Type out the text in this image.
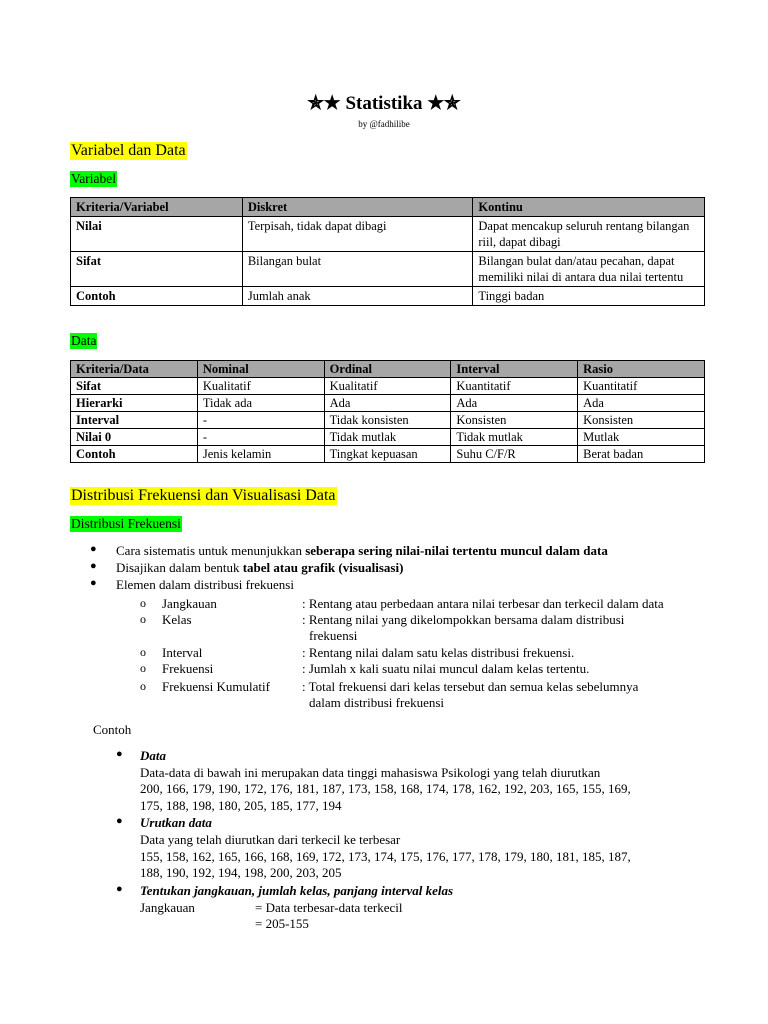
✯★ Statistika ★✯
by @fadhilibe
Variabel dan Data
Variabel
Kriteria/Variabel	Diskret	Kontinu
Nilai	Terpisah, tidak dapat dibagi	Dapat mencakup seluruh rentang bilangan riil, dapat dibagi
Sifat	Bilangan bulat	Bilangan bulat dan/atau pecahan, dapat memiliki nilai di antara dua nilai tertentu
Contoh	Jumlah anak	Tinggi badan
Data
Kriteria/Data	Nominal	Ordinal	Interval	Rasio
Sifat	Kualitatif	Kualitatif	Kuantitatif	Kuantitatif
Hierarki	Tidak ada	Ada	Ada	Ada
Interval	-	Tidak konsisten	Konsisten	Konsisten
Nilai 0	-	Tidak mutlak	Tidak mutlak	Mutlak
Contoh	Jenis kelamin	Tingkat kepuasan	Suhu C/F/R	Berat badan
Distribusi Frekuensi dan Visualisasi Data
Distribusi Frekuensi
● Cara sistematis untuk menunjukkan seberapa sering nilai-nilai tertentu muncul dalam data
● Disajikan dalam bentuk tabel atau grafik (visualisasi)
● Elemen dalam distribusi frekuensi
o Jangkauan	: Rentang atau perbedaan antara nilai terbesar dan terkecil dalam data
o Kelas	: Rentang nilai yang dikelompokkan bersama dalam distribusi
frekuensi
o Interval	: Rentang nilai dalam satu kelas distribusi frekuensi.
o Frekuensi	: Jumlah x kali suatu nilai muncul dalam kelas tertentu.
o Frekuensi Kumulatif : Total frekuensi dari kelas tersebut dan semua kelas sebelumnya
dalam distribusi frekuensi
Contoh
● Data
Data-data di bawah ini merupakan data tinggi mahasiswa Psikologi yang telah diurutkan
200, 166, 179, 190, 172, 176, 181, 187, 173, 158, 168, 174, 178, 162, 192, 203, 165, 155, 169,
175, 188, 198, 180, 205, 185, 177, 194
● Urutkan data
Data yang telah diurutkan dari terkecil ke terbesar
155, 158, 162, 165, 166, 168, 169, 172, 173, 174, 175, 176, 177, 178, 179, 180, 181, 185, 187,
188, 190, 192, 194, 198, 200, 203, 205
● Tentukan jangkauan, jumlah kelas, panjang interval kelas
Jangkauan	= Data terbesar-data terkecil
= 205-155
